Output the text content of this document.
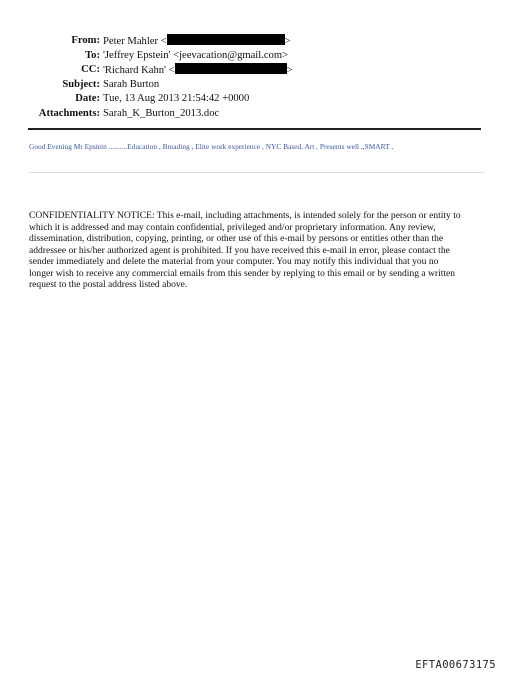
From: Peter Mahler <	>
To: 'Jeffrey Epstein' <jeevacation@gmail.com>
CC: 'Richard Kahn' <	>
Subject: Sarah Burton
Date: Tue, 13 Aug 2013 21:54:42 +0000
Attachments: Sarah_K_Burton_2013.doc
Good Evening Mr Epstein ..........Education , Breading , Elite work experience , NYC Based, Art , Presents well ,,SMART ,
CONFIDENTIALITY NOTICE: This e-mail, including attachments, is intended solely for the person or entity to
which it is addressed and may contain confidential, privileged and/or proprietary information. Any review,
dissemination, distribution, copying, printing, or other use of this e-mail by persons or entities other than the
addressee or his/her authorized agent is prohibited. If you have received this e-mail in error, please contact the
sender immediately and delete the material from your computer. You may notify this individual that you no
longer wish to receive any commercial emails from this sender by replying to this email or by sending a written
request to the postal address listed above.
EFTA00673175
